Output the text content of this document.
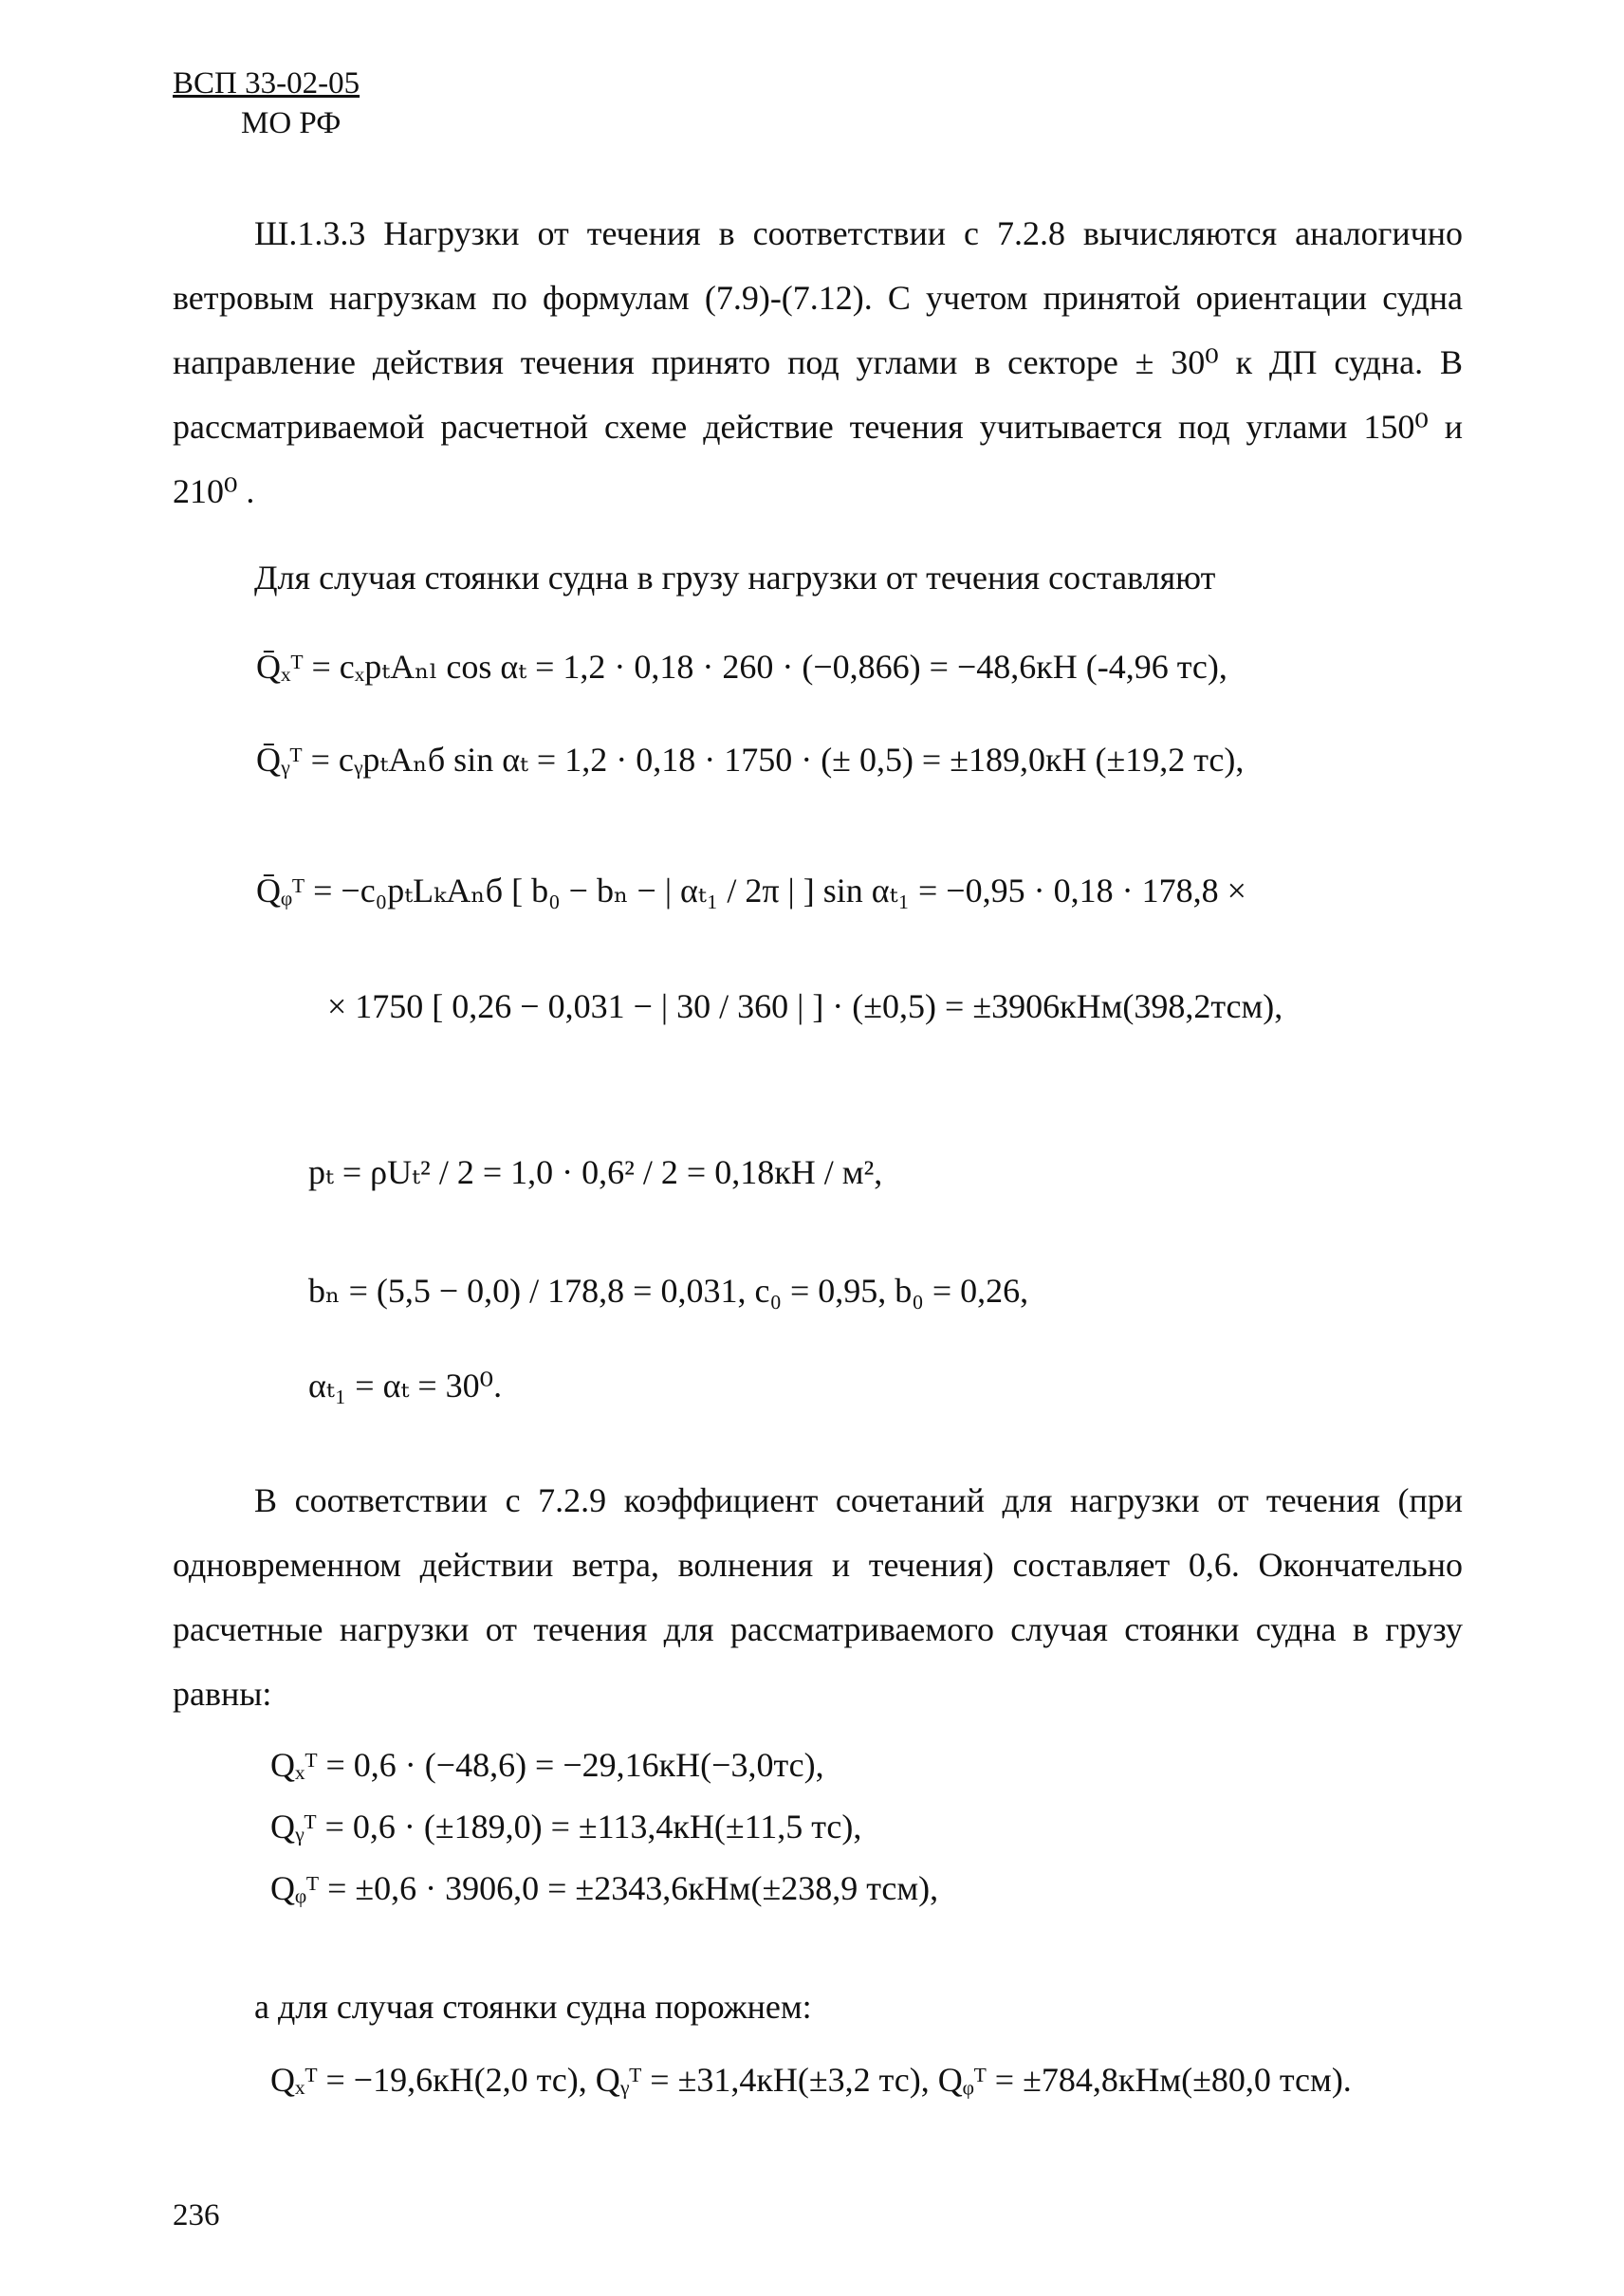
ВСП 33-02-05
МО РФ
Ш.1.3.3 Нагрузки от течения в соответствии с 7.2.8 вычисляются аналогично ветровым нагрузкам по формулам (7.9)-(7.12). С учетом принятой ориентации судна направление действия течения принято под углами в секторе ± 30⁰ к ДП судна. В рассматриваемой расчетной схеме действие течения учитывается под углами 150⁰ и 210⁰ .
Для случая стоянки судна в грузу нагрузки от течения составляют
Q̄ₓᵀ = cₓpₜAₙₗ cos αₜ = 1,2 · 0,18 · 260 · (−0,866) = −48,6кН (-4,96 тс),
Q̄ᵧᵀ = cᵧpₜAₙб sin αₜ = 1,2 · 0,18 · 1750 · (± 0,5) = ±189,0кН (±19,2 тс),
Q̄ᵩᵀ = −c₀pₜLₖAₙб [ b₀ − bₙ − | αₜ₁ / 2π | ] sin αₜ₁ = −0,95 · 0,18 · 178,8 ×
× 1750 [ 0,26 − 0,031 − | 30 / 360 | ] · (±0,5) = ±3906кНм(398,2тсм),
pₜ = ρUₜ² / 2 = 1,0 · 0,6² / 2 = 0,18кН / м²,
bₙ = (5,5 − 0,0) / 178,8 = 0,031, c₀ = 0,95, b₀ = 0,26,
αₜ₁ = αₜ = 30⁰.
В соответствии с 7.2.9 коэффициент сочетаний для нагрузки от течения (при одновременном действии ветра, волнения и течения) составляет 0,6. Окончательно расчетные нагрузки от течения для рассматриваемого случая стоянки судна в грузу равны:
Qₓᵀ = 0,6 · (−48,6) = −29,16кН(−3,0тс),
Qᵧᵀ = 0,6 · (±189,0) = ±113,4кН(±11,5 тс),
Qᵩᵀ = ±0,6 · 3906,0 = ±2343,6кНм(±238,9 тсм),
а для случая стоянки судна порожнем:
Qₓᵀ = −19,6кН(2,0 тс), Qᵧᵀ = ±31,4кН(±3,2 тс), Qᵩᵀ = ±784,8кНм(±80,0 тсм).
236
